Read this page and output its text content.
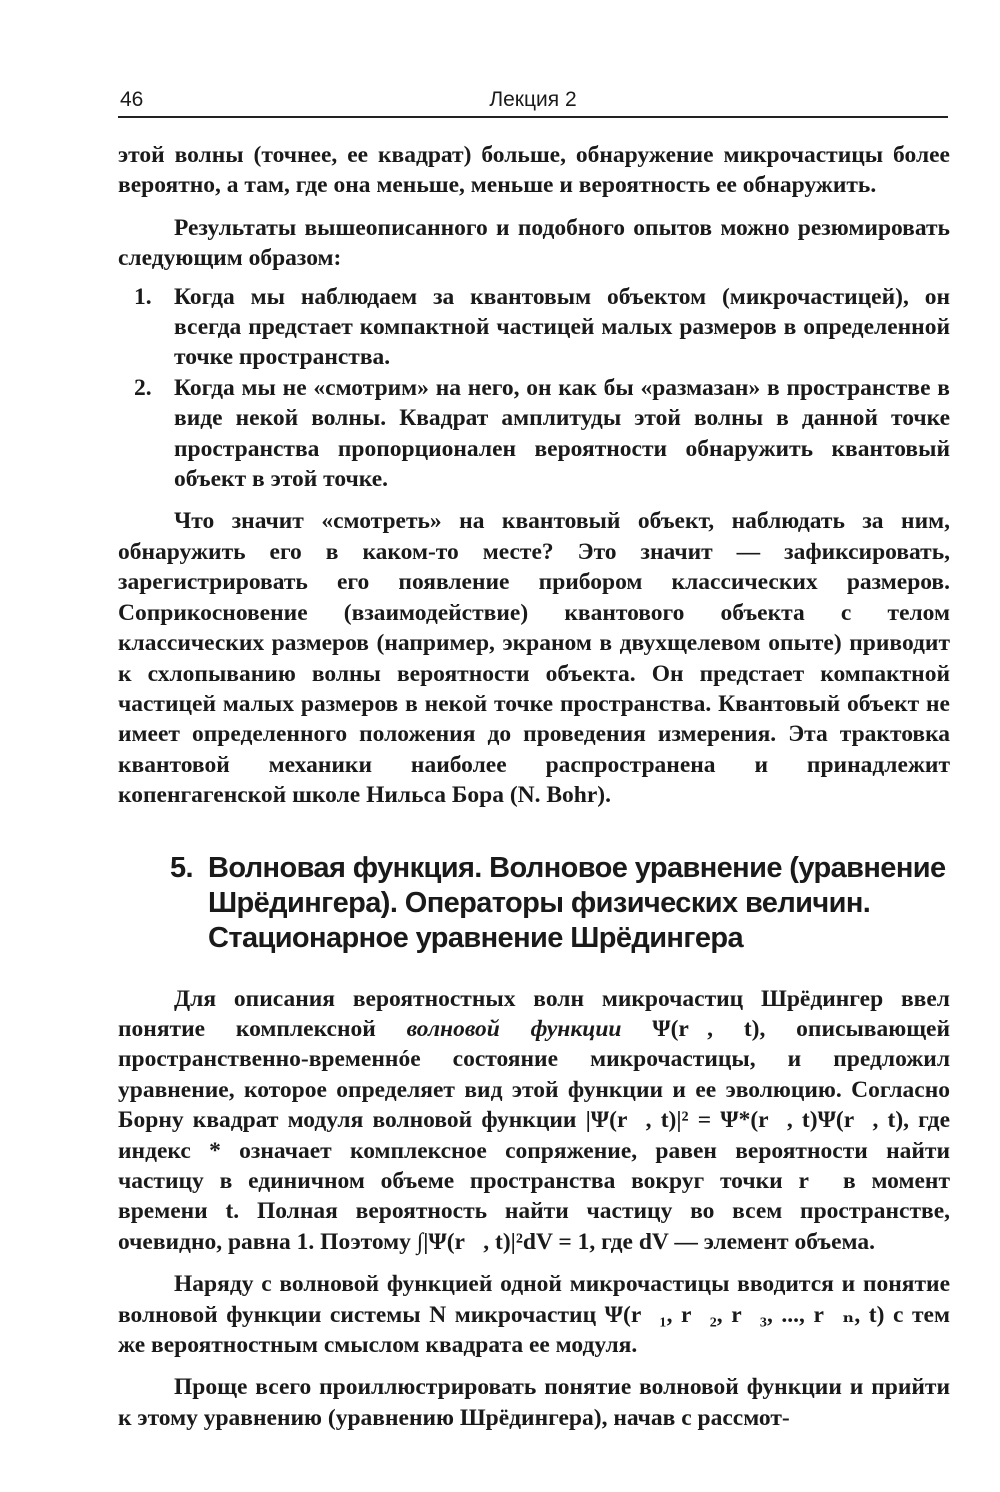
46	Лекция 2

этой волны (точнее, ее квадрат) больше, обнаружение микрочастицы более вероятно, а там, где она меньше, меньше и вероятность ее обнаружить.

Результаты вышеописанного и подобного опытов можно резюмировать следующим образом:

1. Когда мы наблюдаем за квантовым объектом (микрочастицей), он всегда предстает компактной частицей малых размеров в определенной точке пространства.
2. Когда мы не «смотрим» на него, он как бы «размазан» в пространстве в виде некой волны. Квадрат амплитуды этой волны в данной точке пространства пропорционален вероятности обнаружить квантовый объект в этой точке.

Что значит «смотреть» на квантовый объект, наблюдать за ним, обнаружить его в каком-то месте? Это значит — зафиксировать, зарегистрировать его появление прибором классических размеров. Соприкосновение (взаимодействие) квантового объекта с телом классических размеров (например, экраном в двухщелевом опыте) приводит к схлопыванию волны вероятности объекта. Он предстает компактной частицей малых размеров в некой точке пространства. Квантовый объект не имеет определенного положения до проведения измерения. Эта трактовка квантовой механики наиболее распространена и принадлежит копенгагенской школе Нильса Бора (N. Bohr).

5. Волновая функция. Волновое уравнение (уравнение Шрёдингера). Операторы физических величин. Стационарное уравнение Шрёдингера

Для описания вероятностных волн микрочастиц Шрёдингер ввел понятие комплексной волновой функции Ψ(r⃗, t), описывающей пространственно-временнóе состояние микрочастицы, и предложил уравнение, которое определяет вид этой функции и ее эволюцию. Согласно Борну квадрат модуля волновой функции |Ψ(r⃗, t)|² = Ψ*(r⃗, t)Ψ(r⃗, t), где индекс * означает комплексное сопряжение, равен вероятности найти частицу в единичном объеме пространства вокруг точки r⃗ в момент времени t. Полная вероятность найти частицу во всем пространстве, очевидно, равна 1. Поэтому ∫|Ψ(r⃗, t)|²dV = 1, где dV — элемент объема.

Наряду с волновой функцией одной микрочастицы вводится и понятие волновой функции системы N микрочастиц Ψ(r⃗₁, r⃗₂, r⃗₃, ..., r⃗ₙ, t) с тем же вероятностным смыслом квадрата ее модуля.

Проще всего проиллюстрировать понятие волновой функции и прийти к этому уравнению (уравнению Шрёдингера), начав с рассмот-
